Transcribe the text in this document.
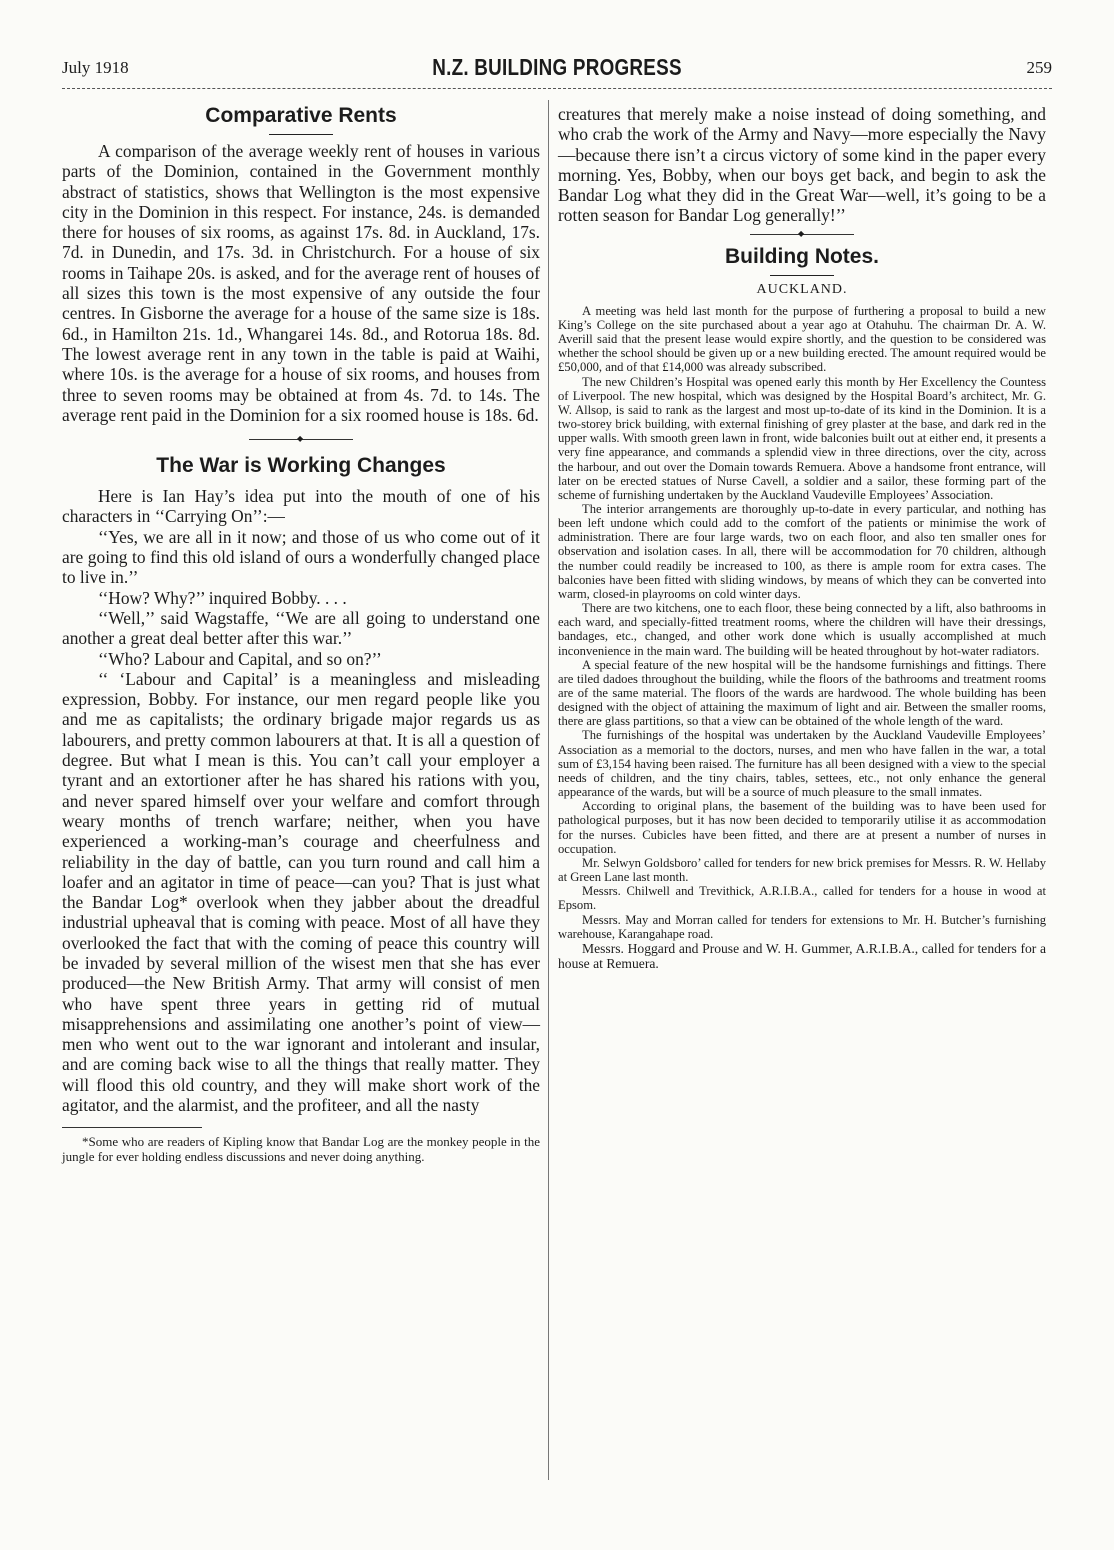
July 1918	N.Z. BUILDING PROGRESS	259
Comparative Rents

A comparison of the average weekly rent of houses in various parts of the Dominion, contained in the Government monthly abstract of statistics, shows that Wellington is the most expensive city in the Dominion in this respect. For instance, 24s. is demanded there for houses of six rooms, as against 17s. 8d. in Auckland, 17s. 7d. in Dunedin, and 17s. 3d. in Christchurch. For a house of six rooms in Taihape 20s. is asked, and for the average rent of houses of all sizes this town is the most expensive of any outside the four centres. In Gisborne the average for a house of the same size is 18s. 6d., in Hamilton 21s. 1d., Whangarei 14s. 8d., and Rotorua 18s. 8d. The lowest average rent in any town in the table is paid at Waihi, where 10s. is the average for a house of six rooms, and houses from three to seven rooms may be obtained at from 4s. 7d. to 14s. The average rent paid in the Dominion for a six roomed house is 18s. 6d.

◆
The War is Working Changes

Here is Ian Hay’s idea put into the mouth of one of his characters in ‘‘Carrying On’’:—

‘‘Yes, we are all in it now; and those of us who come out of it are going to find this old island of ours a wonderfully changed place to live in.’’

‘‘How? Why?’’ inquired Bobby. . . .

‘‘Well,’’ said Wagstaffe, ‘‘We are all going to understand one another a great deal better after this war.’’

‘‘Who? Labour and Capital, and so on?’’

‘‘ ‘Labour and Capital’ is a meaningless and misleading expression, Bobby. For instance, our men regard people like you and me as capitalists; the ordinary brigade major regards us as labourers, and pretty common labourers at that. It is all a question of degree. But what I mean is this. You can’t call your employer a tyrant and an extortioner after he has shared his rations with you, and never spared himself over your welfare and comfort through weary months of trench warfare; neither, when you have experienced a working-man’s courage and cheerfulness and reliability in the day of battle, can you turn round and call him a loafer and an agitator in time of peace—can you? That is just what the Bandar Log* overlook when they jabber about the dreadful industrial upheaval that is coming with peace. Most of all have they overlooked the fact that with the coming of peace this country will be invaded by several million of the wisest men that she has ever produced—the New British Army. That army will consist of men who have spent three years in getting rid of mutual misapprehensions and assimilating one another’s point of view—men who went out to the war ignorant and intolerant and insular, and are coming back wise to all the things that really matter. They will flood this old country, and they will make short work of the agitator, and the alarmist, and the profiteer, and all the nasty

*Some who are readers of Kipling know that Bandar Log are the monkey people in the jungle for ever holding endless discussions and never doing anything.

creatures that merely make a noise instead of doing something, and who crab the work of the Army and Navy—more especially the Navy—because there isn’t a circus victory of some kind in the paper every morning. Yes, Bobby, when our boys get back, and begin to ask the Bandar Log what they did in the Great War—well, it’s going to be a rotten season for Bandar Log generally!’’

◆
Building Notes.
AUCKLAND.

A meeting was held last month for the purpose of furthering a proposal to build a new King’s College on the site purchased about a year ago at Otahuhu. The chairman Dr. A. W. Averill said that the present lease would expire shortly, and the question to be considered was whether the school should be given up or a new building erected. The amount required would be £50,000, and of that £14,000 was already subscribed.

The new Children’s Hospital was opened early this month by Her Excellency the Countess of Liverpool. The new hospital, which was designed by the Hospital Board’s architect, Mr. G. W. Allsop, is said to rank as the largest and most up-to-date of its kind in the Dominion. It is a two-storey brick building, with external finishing of grey plaster at the base, and dark red in the upper walls. With smooth green lawn in front, wide balconies built out at either end, it presents a very fine appearance, and commands a splendid view in three directions, over the city, across the harbour, and out over the Domain towards Remuera. Above a handsome front entrance, will later on be erected statues of Nurse Cavell, a soldier and a sailor, these forming part of the scheme of furnishing undertaken by the Auckland Vaudeville Employees’ Association.

The interior arrangements are thoroughly up-to-date in every particular, and nothing has been left undone which could add to the comfort of the patients or minimise the work of administration. There are four large wards, two on each floor, and also ten smaller ones for observation and isolation cases. In all, there will be accommodation for 70 children, although the number could readily be increased to 100, as there is ample room for extra cases. The balconies have been fitted with sliding windows, by means of which they can be converted into warm, closed-in playrooms on cold winter days.

There are two kitchens, one to each floor, these being connected by a lift, also bathrooms in each ward, and specially-fitted treatment rooms, where the children will have their dressings, bandages, etc., changed, and other work done which is usually accomplished at much inconvenience in the main ward. The building will be heated throughout by hot-water radiators.

A special feature of the new hospital will be the handsome furnishings and fittings. There are tiled dadoes throughout the building, while the floors of the bathrooms and treatment rooms are of the same material. The floors of the wards are hardwood. The whole building has been designed with the object of attaining the maximum of light and air. Between the smaller rooms, there are glass partitions, so that a view can be obtained of the whole length of the ward.

The furnishings of the hospital was undertaken by the Auckland Vaudeville Employees’ Association as a memorial to the doctors, nurses, and men who have fallen in the war, a total sum of £3,154 having been raised. The furniture has all been designed with a view to the special needs of children, and the tiny chairs, tables, settees, etc., not only enhance the general appearance of the wards, but will be a source of much pleasure to the small inmates.

According to original plans, the basement of the building was to have been used for pathological purposes, but it has now been decided to temporarily utilise it as accommodation for the nurses. Cubicles have been fitted, and there are at present a number of nurses in occupation.

Mr. Selwyn Goldsboro’ called for tenders for new brick premises for Messrs. R. W. Hellaby at Green Lane last month.

Messrs. Chilwell and Trevithick, A.R.I.B.A., called for tenders for a house in wood at Epsom.

Messrs. May and Morran called for tenders for extensions to Mr. H. Butcher’s furnishing warehouse, Karangahape road.

Messrs. Hoggard and Prouse and W. H. Gummer, A.R.I.B.A., called for tenders for a house at Remuera.
